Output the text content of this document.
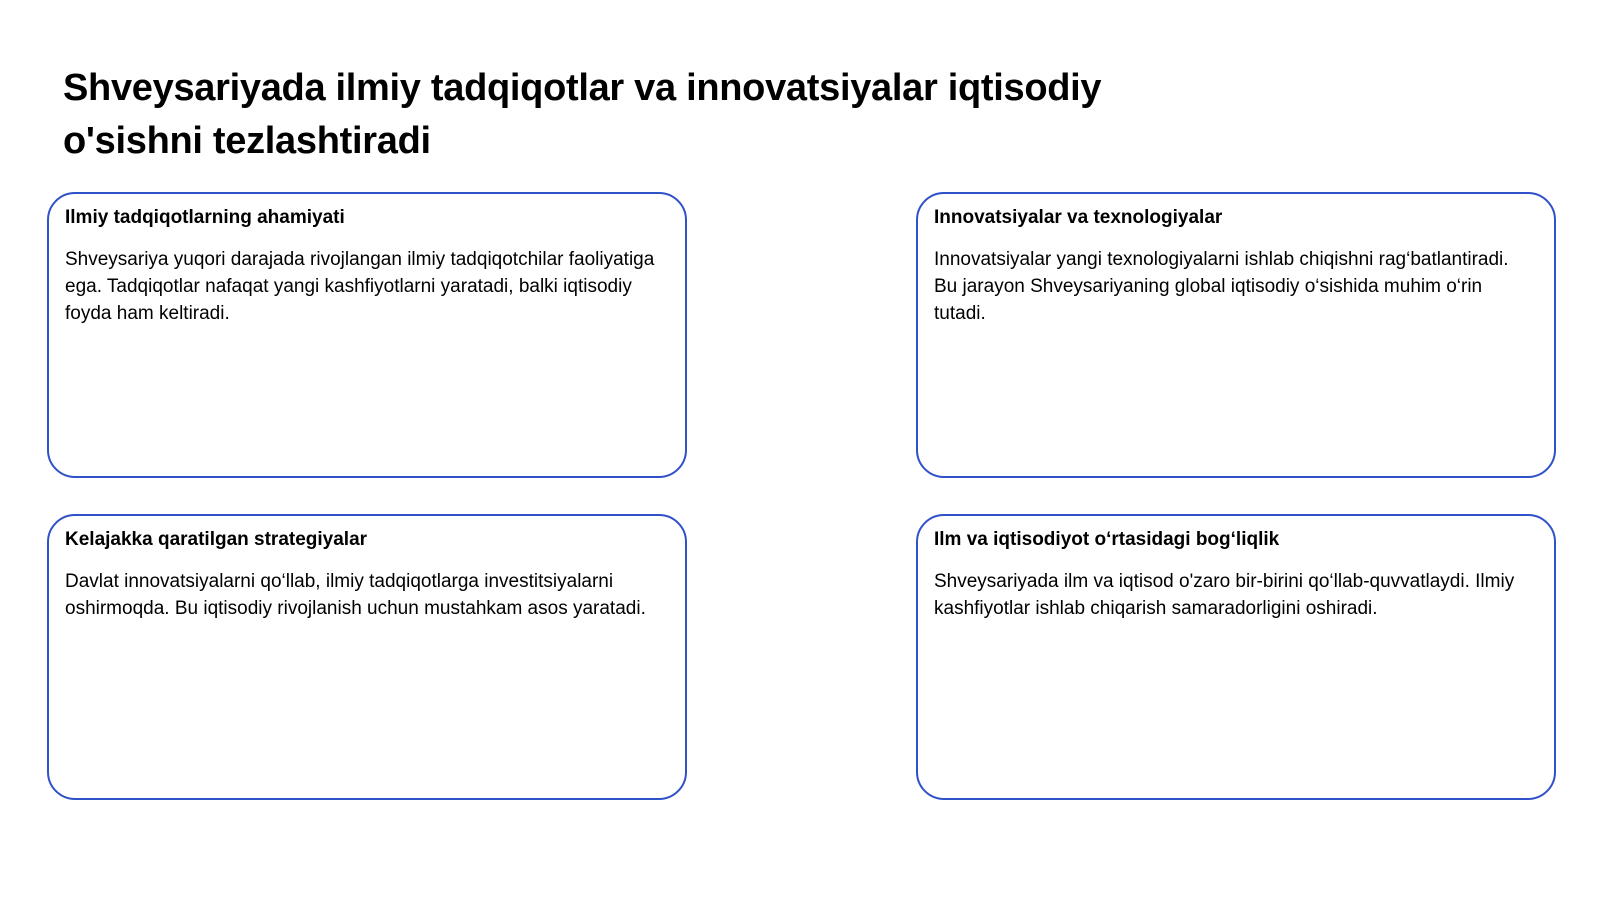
Shveysariyada ilmiy tadqiqotlar va innovatsiyalar iqtisodiy o'sishni tezlashtiradi
Ilmiy tadqiqotlarning ahamiyati

Shveysariya yuqori darajada rivojlangan ilmiy tadqiqotchilar faoliyatiga ega. Tadqiqotlar nafaqat yangi kashfiyotlarni yaratadi, balki iqtisodiy foyda ham keltiradi.

Innovatsiyalar va texnologiyalar

Innovatsiyalar yangi texnologiyalarni ishlab chiqishni rag‘batlantiradi. Bu jarayon Shveysariyaning global iqtisodiy o‘sishida muhim o‘rin tutadi.

Kelajakka qaratilgan strategiyalar

Davlat innovatsiyalarni qo‘llab, ilmiy tadqiqotlarga investitsiyalarni oshirmoqda. Bu iqtisodiy rivojlanish uchun mustahkam asos yaratadi.

Ilm va iqtisodiyot o‘rtasidagi bog‘liqlik

Shveysariyada ilm va iqtisod o'zaro bir-birini qo‘llab-quvvatlaydi. Ilmiy kashfiyotlar ishlab chiqarish samaradorligini oshiradi.
